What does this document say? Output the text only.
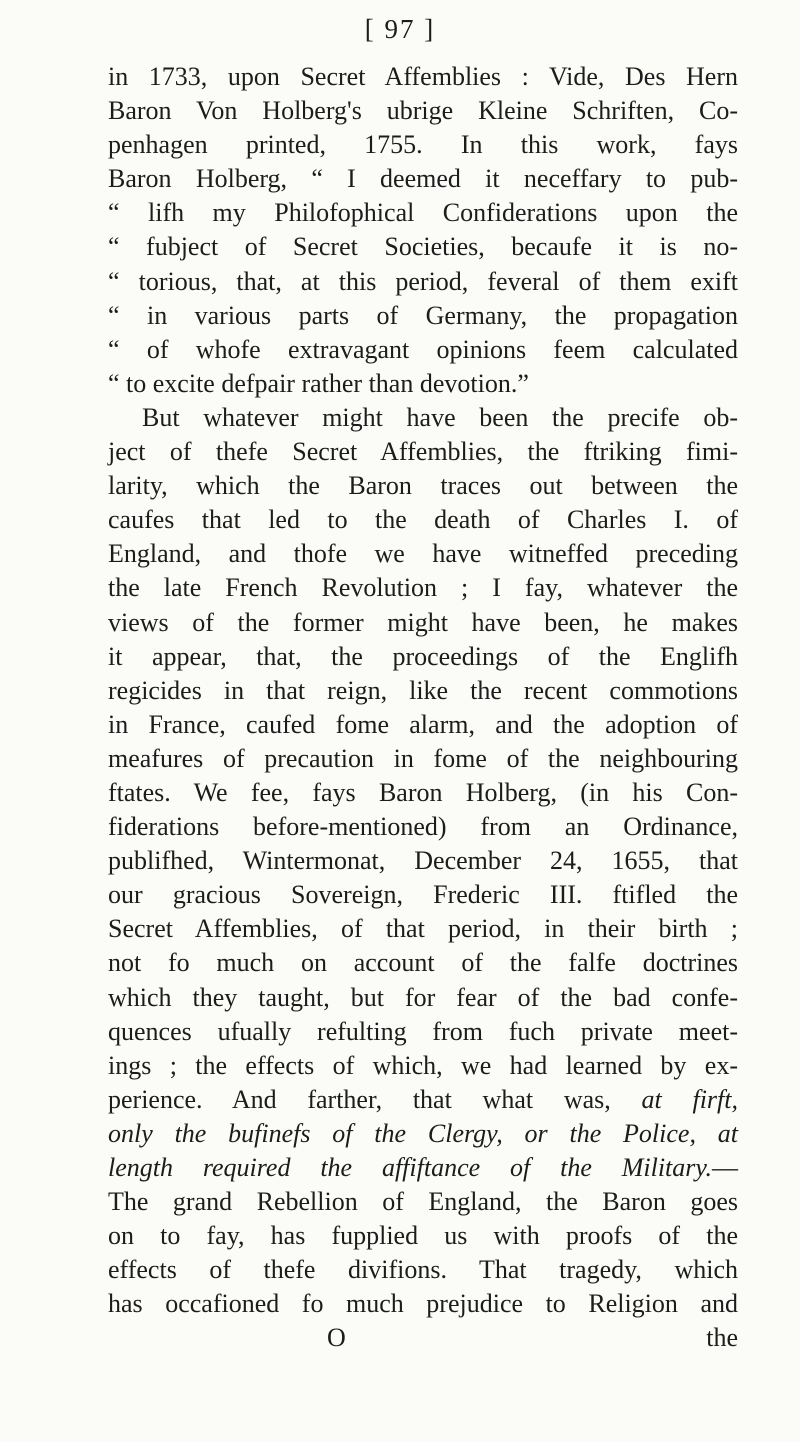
[ 97 ]
in 1733, upon Secret Affemblies : Vide, Des Hern
Baron Von Holberg's ubrige Kleine Schriften, Co-
penhagen printed, 1755. In this work, fays
Baron Holberg, “ I deemed it neceffary to pub-
“ lifh my Philofophical Confiderations upon the
“ fubject of Secret Societies, becaufe it is no-
“ torious, that, at this period, feveral of them exift
“ in various parts of Germany, the propagation
“ of whofe extravagant opinions feem calculated
“ to excite defpair rather than devotion.”
But whatever might have been the precife ob-
ject of thefe Secret Affemblies, the ftriking fimi-
larity, which the Baron traces out between the
caufes that led to the death of Charles I. of
England, and thofe we have witneffed preceding
the late French Revolution ; I fay, whatever the
views of the former might have been, he makes
it appear, that, the proceedings of the Englifh
regicides in that reign, like the recent commotions
in France, caufed fome alarm, and the adoption of
meafures of precaution in fome of the neighbouring
ftates. We fee, fays Baron Holberg, (in his Con-
fiderations before-mentioned) from an Ordinance,
publifhed, Wintermonat, December 24, 1655, that
our gracious Sovereign, Frederic III. ftifled the
Secret Affemblies, of that period, in their birth ;
not fo much on account of the falfe doctrines
which they taught, but for fear of the bad confe-
quences ufually refulting from fuch private meet-
ings ; the effects of which, we had learned by ex-
perience. And farther, that what was, at firft,
only the bufinefs of the Clergy, or the Police, at
length required the affiftance of the Military.—
The grand Rebellion of England, the Baron goes
on to fay, has fupplied us with proofs of the
effects of thefe divifions. That tragedy, which
has occafioned fo much prejudice to Religion and
O	the
